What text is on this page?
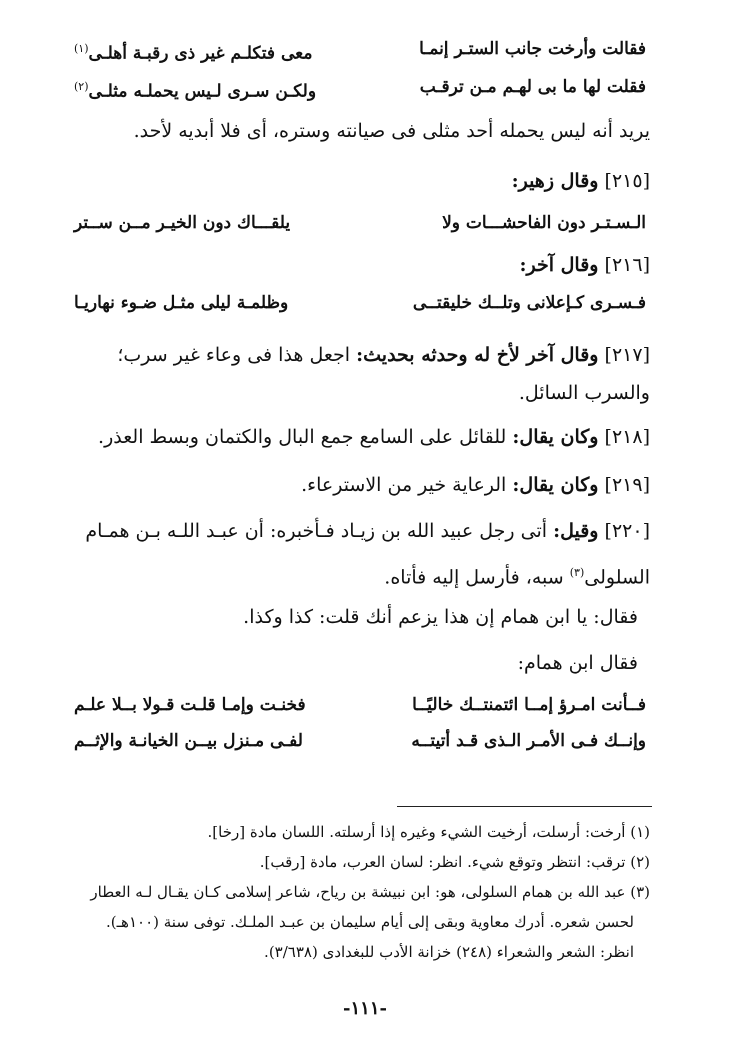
فقالت وأرخت جانب الستـر إنمـا
معى فتكلـم غير ذى رقبـة أهلـى$^{(١)}$
فقلت لها ما بى لهـم مـن ترقـب
ولكـن سـرى لـيس يحملـه مثلـى$^{(٢)}$
يريد أنه ليس يحمله أحد مثلى فى صيانته وستره، أى فلا أبديه لأحد.
[٢١٥] وقال زهير:
الـسـتـر دون الفاحشـــات ولا
يلقـــاك دون الخيـر مــن ســتر
[٢١٦] وقال آخر:
فـسـرى كـإعلانى وتلــك خليقتــى
وظلمـة ليلى مثـل ضـوء نهاريـا
[٢١٧] وقال آخر لأخ له وحدثه بحديث: اجعل هذا فى وعاء غير سرب؛
والسرب السائل.
[٢١٨] وكان يقال: للقائل على السامع جمع البال والكتمان وبسط العذر.
[٢١٩] وكان يقال: الرعاية خير من الاسترعاء.
[٢٢٠] وقيل: أتى رجل عبيد الله بن زيـاد فـأخبره: أن عبـد اللـه بـن همـام
السلولى$^{(٣)}$ سبه، فأرسل إليه فأتاه.
فقال: يا ابن همام إن هذا يزعم أنك قلت: كذا وكذا.
فقال ابن همام:
فــأنت امـرؤ إمــا ائتمنتــك خاليًــا
فخنـت وإمـا قلـت قـولا بــلا علـم
وإنــك فـى الأمـر الـذى قـد أتيتــه
لفـى مـنزل بيــن الخيانـة والإثــم
(١) أرخت: أرسلت، أرخيت الشيء وغيره إذا أرسلته. اللسان مادة [رخا].
(٢) ترقب: انتظر وتوقع شيء. انظر: لسان العرب، مادة [رقب].
(٣) عبد الله بن همام السلولى، هو: ابن نبيشة بن رياح، شاعر إسلامى كـان يقـال لـه العطار
لحسن شعره. أدرك معاوية وبقى إلى أيام سليمان بن عبـد الملـك. توفى سنة (١٠٠هـ).
انظر: الشعر والشعراء (٢٤٨) خزانة الأدب للبغدادى (٣/٦٣٨).
-١١١-
